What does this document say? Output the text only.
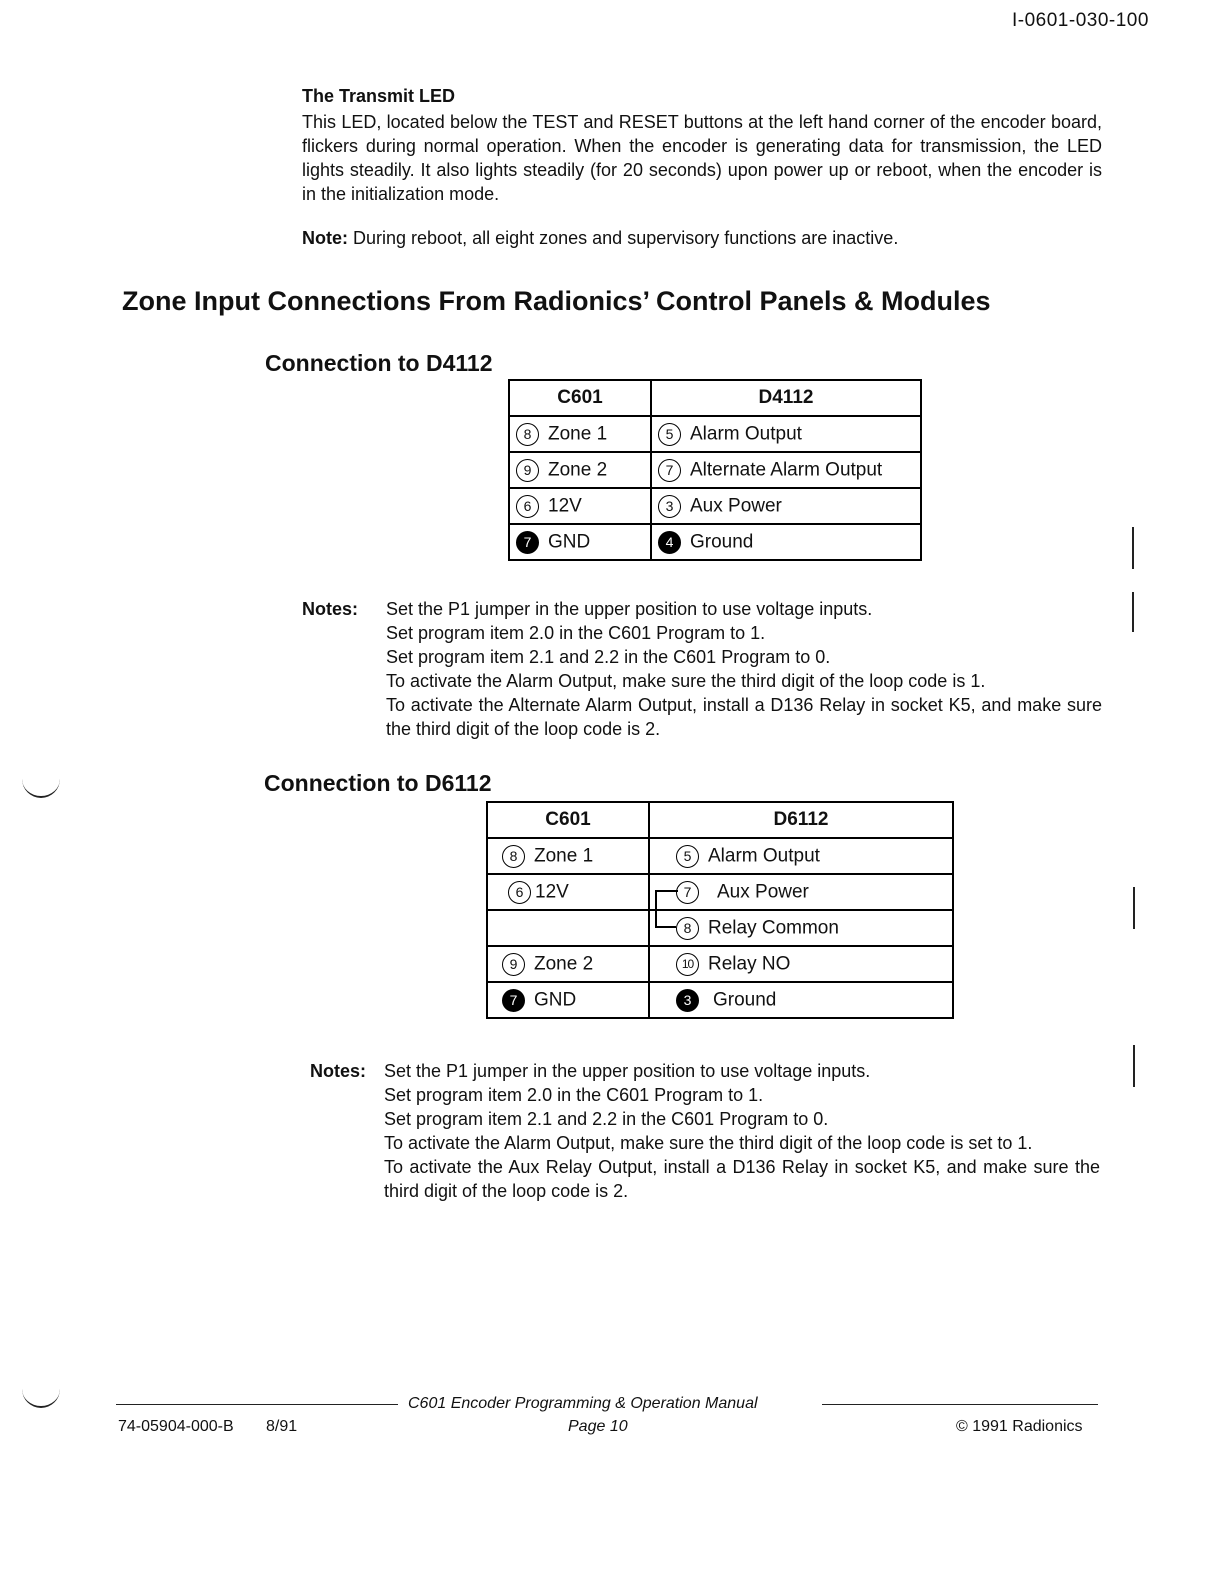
I-0601-030-100
The Transmit LED

This LED, located below the TEST and RESET buttons at the left hand corner of the encoder board, flickers during normal operation. When the encoder is generating data for transmission, the LED lights steadily. It also lights steadily (for 20 seconds) upon power up or reboot, when the encoder is in the initialization mode.

Note: During reboot, all eight zones and supervisory functions are inactive.
Zone Input Connections From Radionics’ Control Panels & Modules
Connection to D4112
C601	D4112
8 Zone 1	5 Alarm Output
9 Zone 2	7 Alternate Alarm Output
6 12V	3 Aux Power
7 GND	4 Ground
Notes: Set the P1 jumper in the upper position to use voltage inputs.
Set program item 2.0 in the C601 Program to 1.
Set program item 2.1 and 2.2 in the C601 Program to 0.
To activate the Alarm Output, make sure the third digit of the loop code is 1.
To activate the Alternate Alarm Output, install a D136 Relay in socket K5, and make sure the third digit of the loop code is 2.
Connection to D6112
C601	D6112
8 Zone 1	5 Alarm Output
6 12V	7 Aux Power
	8 Relay Common
9 Zone 2	10 Relay NO
7 GND	3 Ground
Notes: Set the P1 jumper in the upper position to use voltage inputs.
Set program item 2.0 in the C601 Program to 1.
Set program item 2.1 and 2.2 in the C601 Program to 0.
To activate the Alarm Output, make sure the third digit of the loop code is set to 1.
To activate the Aux Relay Output, install a D136 Relay in socket K5, and make sure the third digit of the loop code is 2.
C601 Encoder Programming & Operation Manual
Page 10
74-05904-000-B 8/91	© 1991 Radionics
